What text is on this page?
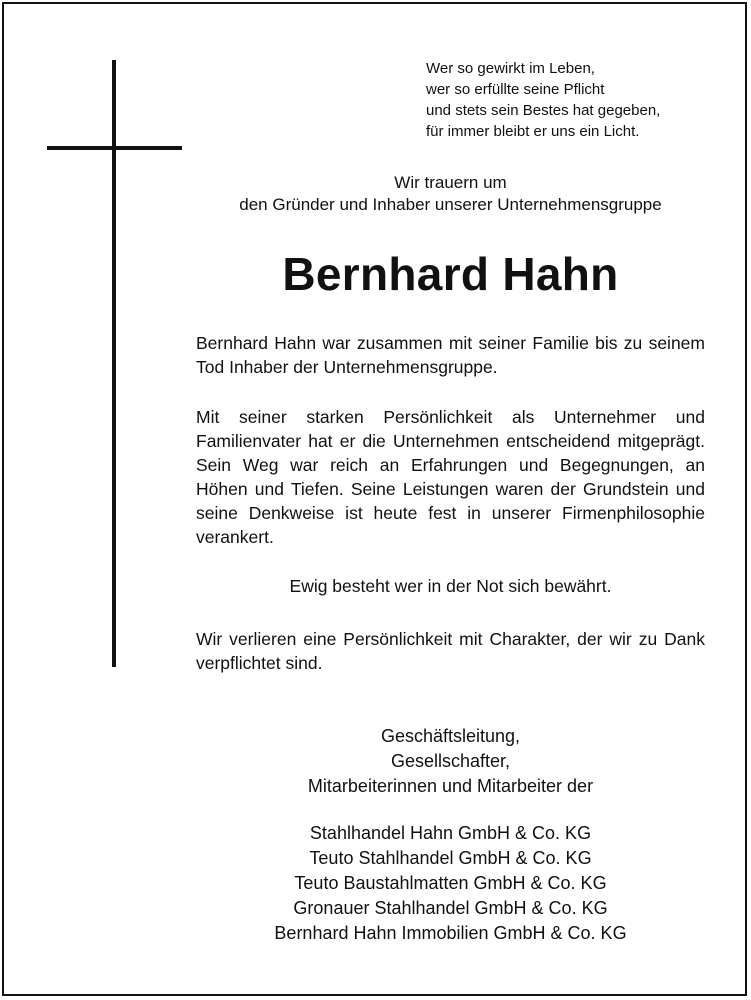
Wer so gewirkt im Leben,
wer so erfüllte seine Pflicht
und stets sein Bestes hat gegeben,
für immer bleibt er uns ein Licht.
Wir trauern um
den Gründer und Inhaber unserer Unternehmensgruppe
Bernhard Hahn
Bernhard Hahn war zusammen mit seiner Familie bis zu seinem Tod Inhaber der Unternehmensgruppe.
Mit seiner starken Persönlichkeit als Unternehmer und Familienvater hat er die Unternehmen entscheidend mitgeprägt. Sein Weg war reich an Erfahrungen und Begegnungen, an Höhen und Tiefen. Seine Leistungen waren der Grundstein und seine Denkweise ist heute fest in unserer Firmenphilosophie verankert.
Ewig besteht wer in der Not sich bewährt.
Wir verlieren eine Persönlichkeit mit Charakter, der wir zu Dank verpflichtet sind.
Geschäftsleitung,
Gesellschafter,
Mitarbeiterinnen und Mitarbeiter der
Stahlhandel Hahn GmbH & Co. KG
Teuto Stahlhandel GmbH & Co. KG
Teuto Baustahlmatten GmbH & Co. KG
Gronauer Stahlhandel GmbH & Co. KG
Bernhard Hahn Immobilien GmbH & Co. KG
